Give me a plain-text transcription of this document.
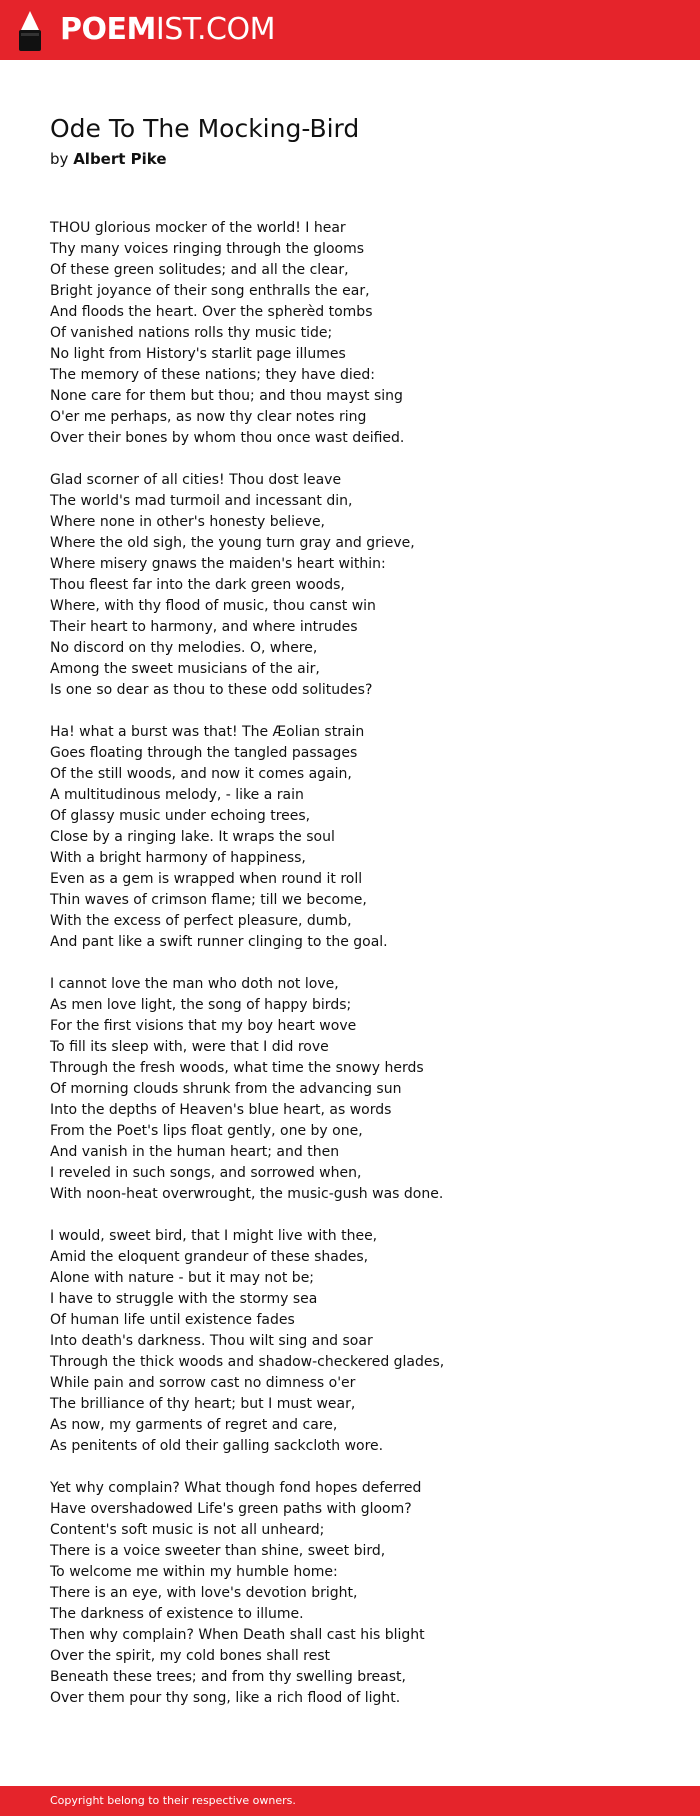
POEMIST.COM
Ode To The Mocking-Bird
by Albert Pike
THOU glorious mocker of the world! I hear
Thy many voices ringing through the glooms
Of these green solitudes; and all the clear,
Bright joyance of their song enthralls the ear,
And floods the heart. Over the spherèd tombs
Of vanished nations rolls thy music tide;
No light from History's starlit page illumes
The memory of these nations; they have died:
None care for them but thou; and thou mayst sing
O'er me perhaps, as now thy clear notes ring
Over their bones by whom thou once wast deified.
Glad scorner of all cities! Thou dost leave
The world's mad turmoil and incessant din,
Where none in other's honesty believe,
Where the old sigh, the young turn gray and grieve,
Where misery gnaws the maiden's heart within:
Thou fleest far into the dark green woods,
Where, with thy flood of music, thou canst win
Their heart to harmony, and where intrudes
No discord on thy melodies. O, where,
Among the sweet musicians of the air,
Is one so dear as thou to these odd solitudes?
Ha! what a burst was that! The Æolian strain
Goes floating through the tangled passages
Of the still woods, and now it comes again,
A multitudinous melody, - like a rain
Of glassy music under echoing trees,
Close by a ringing lake. It wraps the soul
With a bright harmony of happiness,
Even as a gem is wrapped when round it roll
Thin waves of crimson flame; till we become,
With the excess of perfect pleasure, dumb,
And pant like a swift runner clinging to the goal.
I cannot love the man who doth not love,
As men love light, the song of happy birds;
For the first visions that my boy heart wove
To fill its sleep with, were that I did rove
Through the fresh woods, what time the snowy herds
Of morning clouds shrunk from the advancing sun
Into the depths of Heaven's blue heart, as words
From the Poet's lips float gently, one by one,
And vanish in the human heart; and then
I reveled in such songs, and sorrowed when,
With noon-heat overwrought, the music-gush was done.
I would, sweet bird, that I might live with thee,
Amid the eloquent grandeur of these shades,
Alone with nature - but it may not be;
I have to struggle with the stormy sea
Of human life until existence fades
Into death's darkness. Thou wilt sing and soar
Through the thick woods and shadow-checkered glades,
While pain and sorrow cast no dimness o'er
The brilliance of thy heart; but I must wear,
As now, my garments of regret and care,
As penitents of old their galling sackcloth wore.
Yet why complain? What though fond hopes deferred
Have overshadowed Life's green paths with gloom?
Content's soft music is not all unheard;
There is a voice sweeter than shine, sweet bird,
To welcome me within my humble home:
There is an eye, with love's devotion bright,
The darkness of existence to illume.
Then why complain? When Death shall cast his blight
Over the spirit, my cold bones shall rest
Beneath these trees; and from thy swelling breast,
Over them pour thy song, like a rich flood of light.
Copyright belong to their respective owners.
